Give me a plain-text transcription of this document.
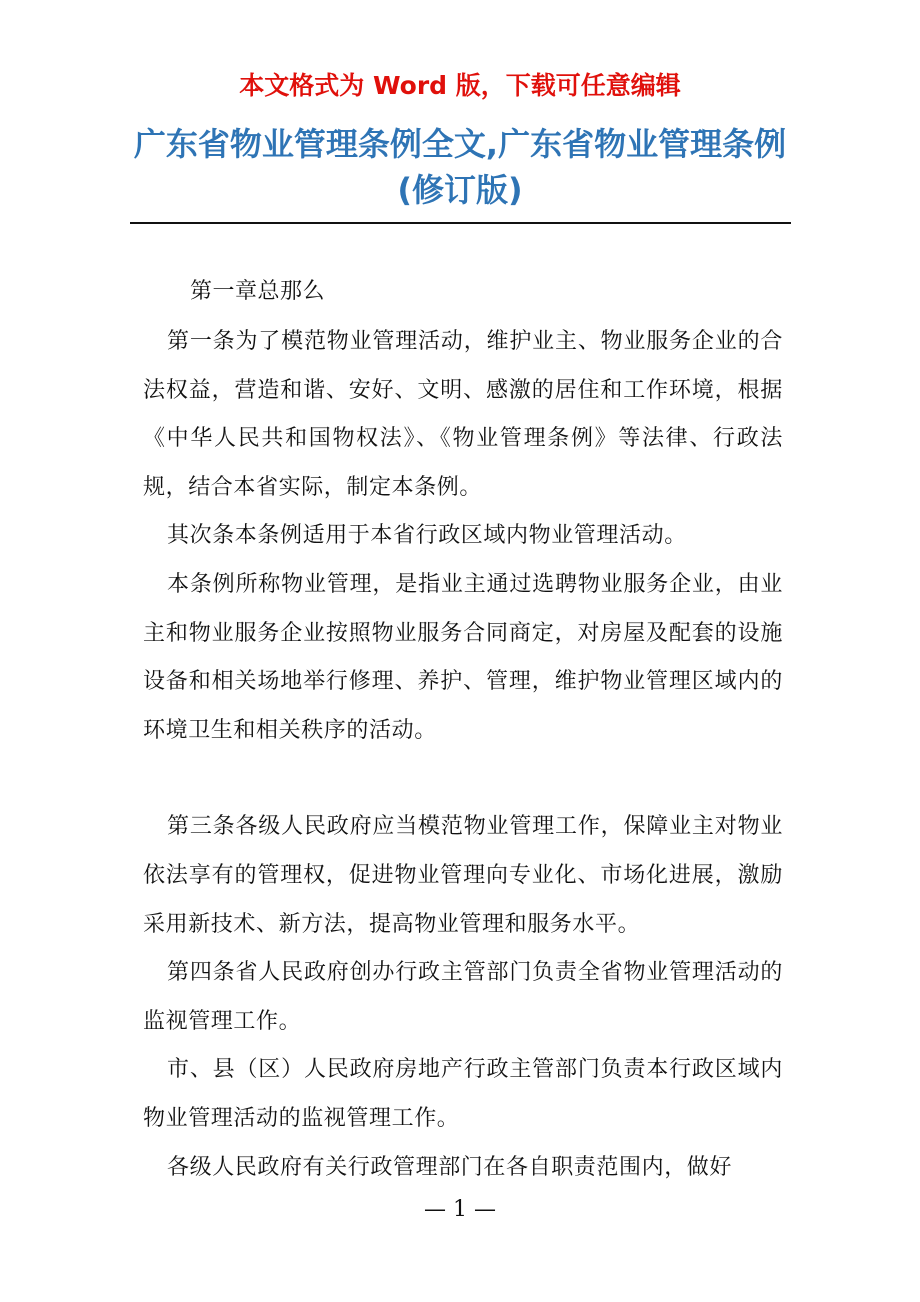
本文格式为 Word 版，下载可任意编辑

广东省物业管理条例全文,广东省物业管理条例(修订版)

第一章总那么

第一条为了模范物业管理活动，维护业主、物业服务企业的合法权益，营造和谐、安好、文明、感激的居住和工作环境，根据《中华人民共和国物权法》、《物业管理条例》等法律、行政法规，结合本省实际，制定本条例。

其次条本条例适用于本省行政区域内物业管理活动。

本条例所称物业管理，是指业主通过选聘物业服务企业，由业主和物业服务企业按照物业服务合同商定，对房屋及配套的设施设备和相关场地举行修理、养护、管理，维护物业管理区域内的环境卫生和相关秩序的活动。

第三条各级人民政府应当模范物业管理工作，保障业主对物业依法享有的管理权，促进物业管理向专业化、市场化进展，激励采用新技术、新方法，提高物业管理和服务水平。

第四条省人民政府创办行政主管部门负责全省物业管理活动的监视管理工作。

市、县（区）人民政府房地产行政主管部门负责本行政区域内物业管理活动的监视管理工作。

各级人民政府有关行政管理部门在各自职责范围内，做好

— 1 —
